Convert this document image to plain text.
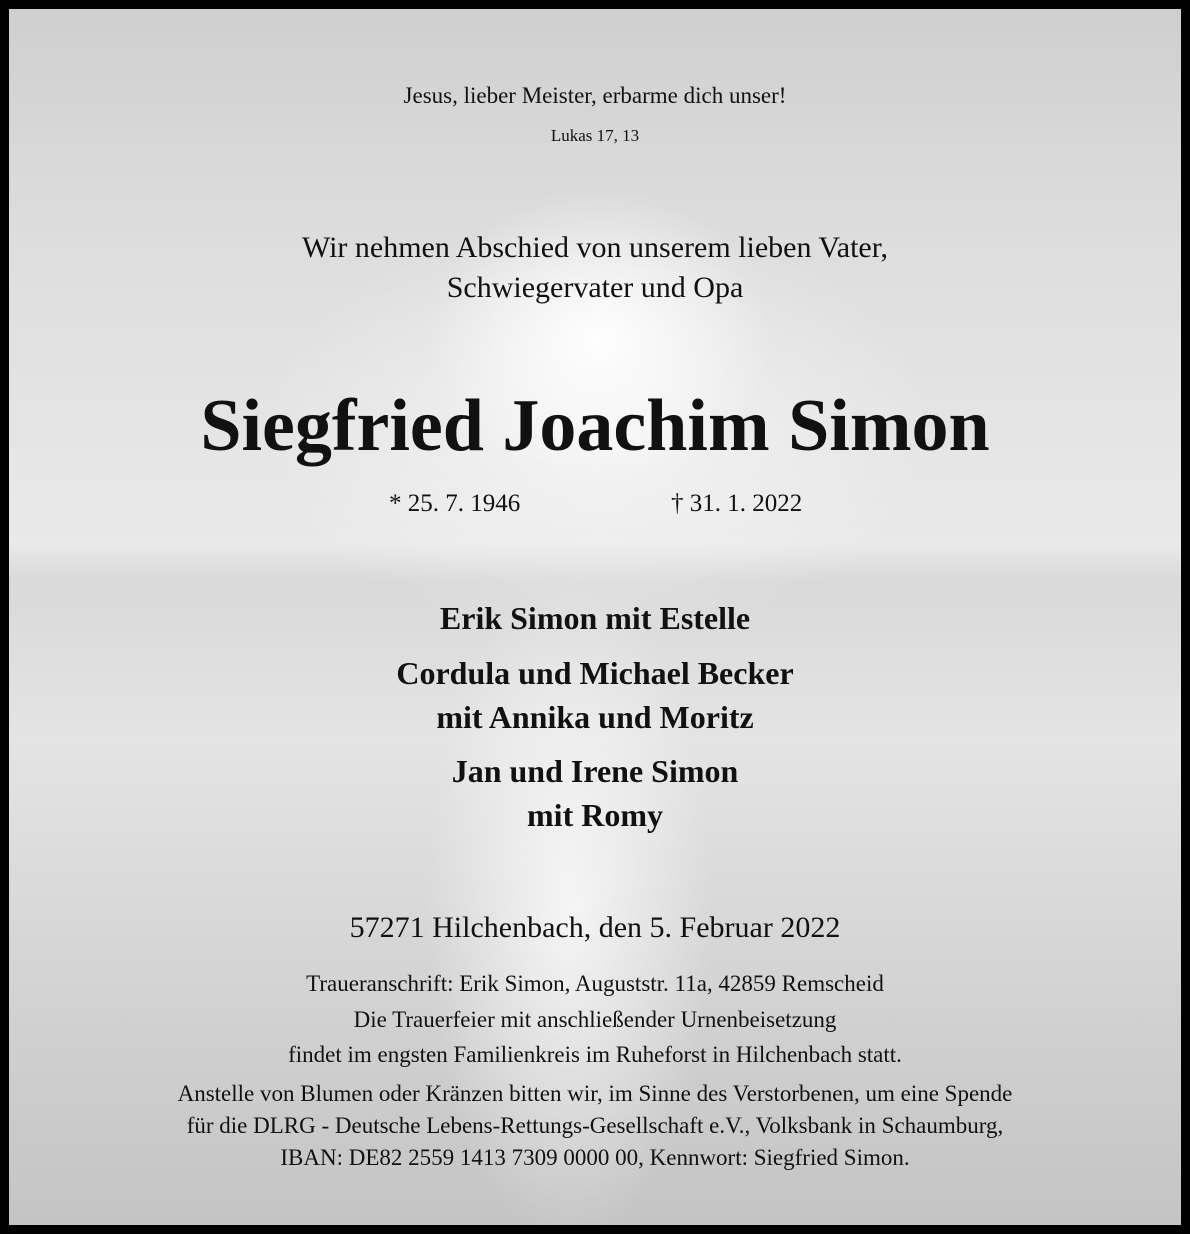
Jesus, lieber Meister, erbarme dich unser!

Lukas 17, 13

Wir nehmen Abschied von unserem lieben Vater,

Schwiegervater und Opa

Siegfried Joachim Simon
* 25. 7. 1946	† 31. 1. 2022
Erik Simon mit Estelle
Cordula und Michael Becker
mit Annika und Moritz
Jan und Irene Simon
mit Romy

57271 Hilchenbach, den 5. Februar 2022

Traueranschrift: Erik Simon, Auguststr. 11a, 42859 Remscheid

Die Trauerfeier mit anschließender Urnenbeisetzung

findet im engsten Familienkreis im Ruheforst in Hilchenbach statt.

Anstelle von Blumen oder Kränzen bitten wir, im Sinne des Verstorbenen, um eine Spende

für die DLRG - Deutsche Lebens-Rettungs-Gesellschaft e.V., Volksbank in Schaumburg,

IBAN: DE82 2559 1413 7309 0000 00, Kennwort: Siegfried Simon.
